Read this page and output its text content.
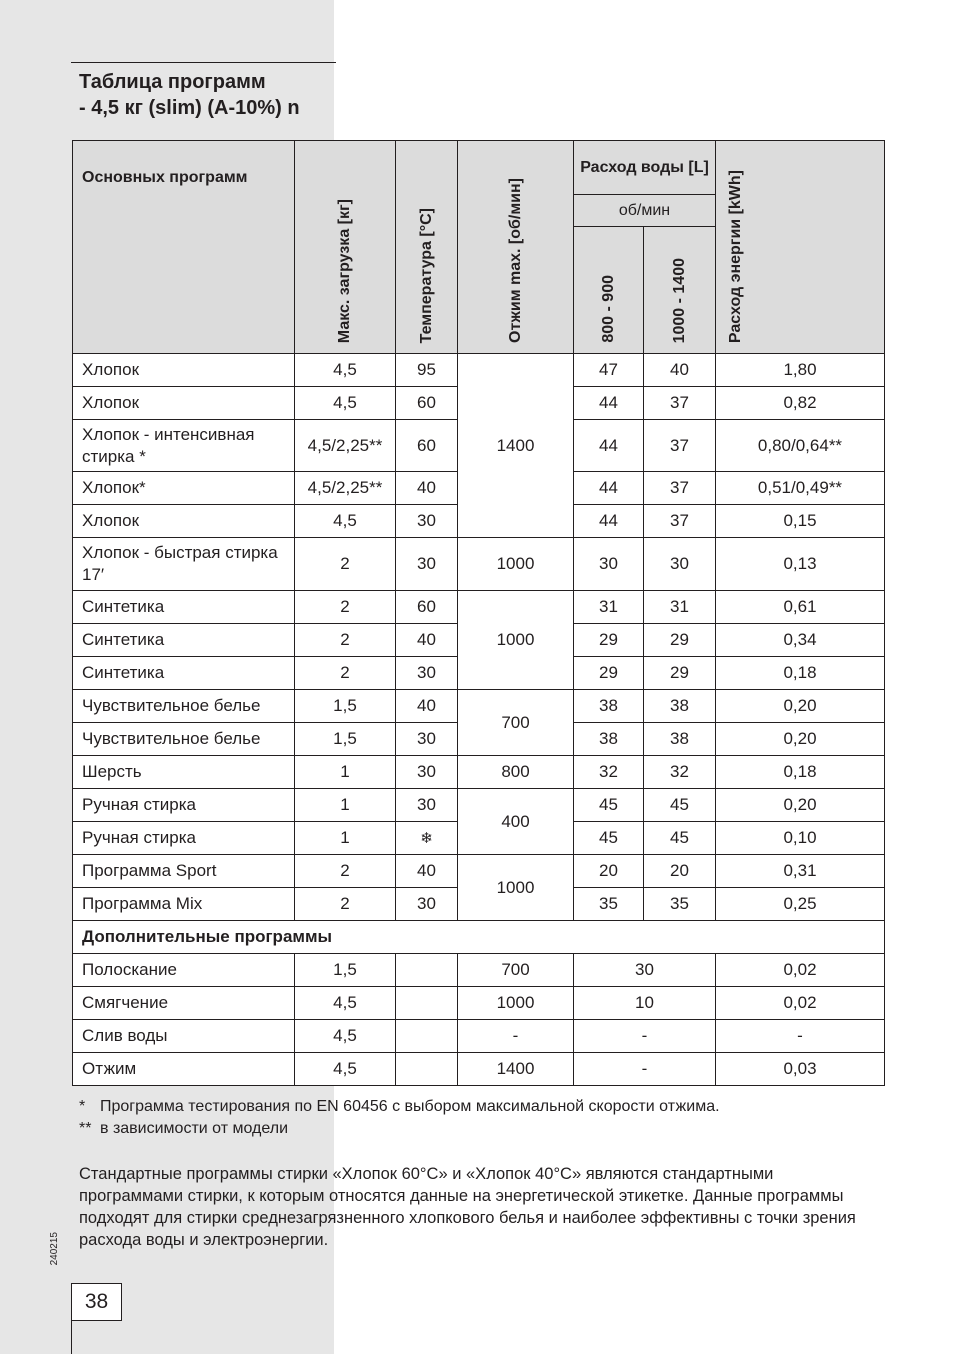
Таблица программ
- 4,5 кг (slim) (A-10%) n
Основных программ	Макс. загрузка [кг]	Температура [°C]	Отжим max. [об/мин]	Расход воды [L]		Расход энергии [kWh]

				об/мин		

				800 - 900	1000 - 1400	

Хлопок	4,5	95	1400	47	40	1,80
Хлопок	4,5	60		44	37	0,82
Хлопок - интенсивная стирка *	4,5/2,25**	60		44	37	0,80/0,64**
Хлопок*	4,5/2,25**	40		44	37	0,51/0,49**
Хлопок	4,5	30		44	37	0,15
Хлопок - быстрая стирка 17′	2	30	1000	30	30	0,13
Синтетика	2	60	1000	31	31	0,61
Синтетика	2	40		29	29	0,34
Синтетика	2	30		29	29	0,18
Чувствительное белье	1,5	40	700	38	38	0,20
Чувствительное белье	1,5	30		38	38	0,20
Шерсть	1	30	800	32	32	0,18
Ручная стирка	1	30	400	45	45	0,20
Ручная стирка	1	❄		45	45	0,10
Программа Sport	2	40	1000	20	20	0,31
Программа Mix	2	30		35	35	0,25
Дополнительные программы						
Полоскание	1,5		700	30		0,02
Смягчение	4,5		1000	10		0,02
Слив воды	4,5		-	-		-
Отжим	4,5		1400	-		0,03
* Программа тестирования по EN 60456 с выбором максимальной скорости отжима.
** в зависимости от модели
Стандартные программы стирки «Хлопок 60°C» и «Хлопок 40°C» являются стандартными программами стирки, к которым относятся данные на энергетической этикетке. Данные программы подходят для стирки среднезагрязненного хлопкового белья и наиболее эффективны с точки зрения расхода воды и электроэнергии.
240215
38
